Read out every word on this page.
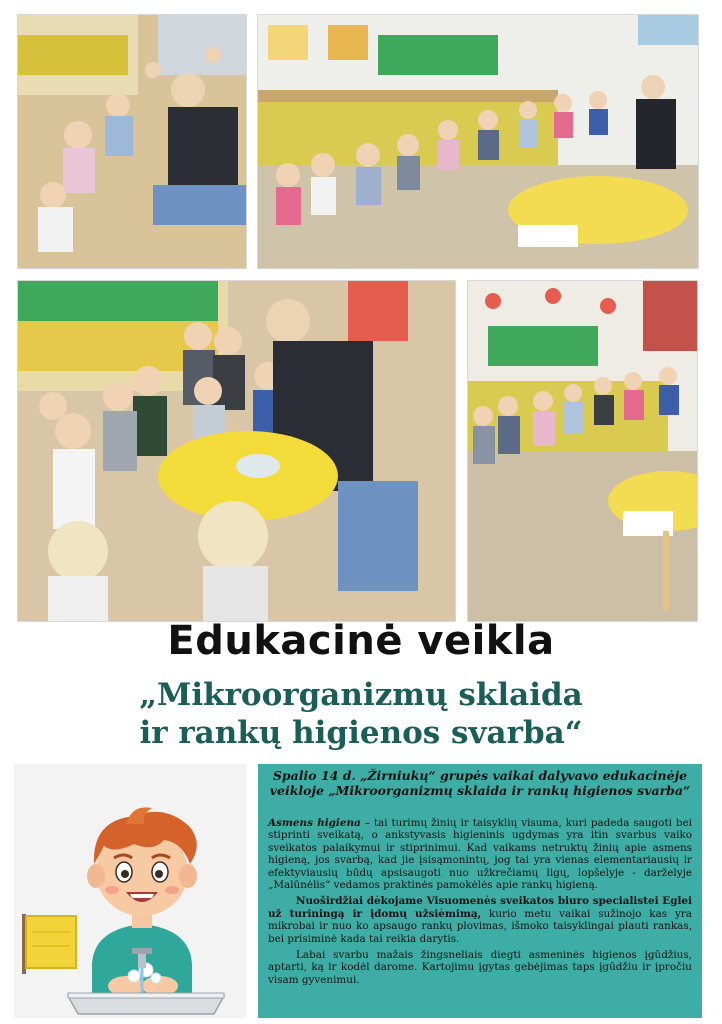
Edukacinė veikla
„Mikroorganizmų sklaida
ir rankų higienos svarba“
Spalio 14 d. „Žirniukų“ grupės vaikai dalyvavo edukacinėje veikloje „Mikroorganizmų sklaida ir rankų higienos svarba“

Asmens higiena – tai turimų žinių ir taisyklių visuma, kuri padeda saugoti bei stiprinti sveikatą, o ankstyvasis higieninis ugdymas yra itin svarbus vaiko sveikatos palaikymui ir stiprinimui. Kad vaikams netruktų žinių apie asmens higieną, jos svarbą, kad jie įsisąmonintų, jog tai yra vienas elementariausių ir efektyviausių būdų apsisaugoti nuo užkrečiamų ligų, lopšelyje - darželyje „Malūnėlis“ vedamos praktinės pamokėlės apie rankų higieną.

Nuoširdžiai dėkojame Visuomenės sveikatos biuro specialistei Eglei už turiningą ir įdomų užsiėmimą, kurio metu vaikai sužinojo kas yra mikrobai ir nuo ko apsaugo rankų plovimas, išmoko taisyklingai plauti rankas, bei prisiminė kada tai reikia darytis.

Labai svarbu mažais žingsneliais diegti asmeninės higienos įgūdžius, aptarti, ką ir kodėl darome. Kartojimu įgytas gebėjimas taps įgūdžiu ir įpročiu visam gyvenimui.
